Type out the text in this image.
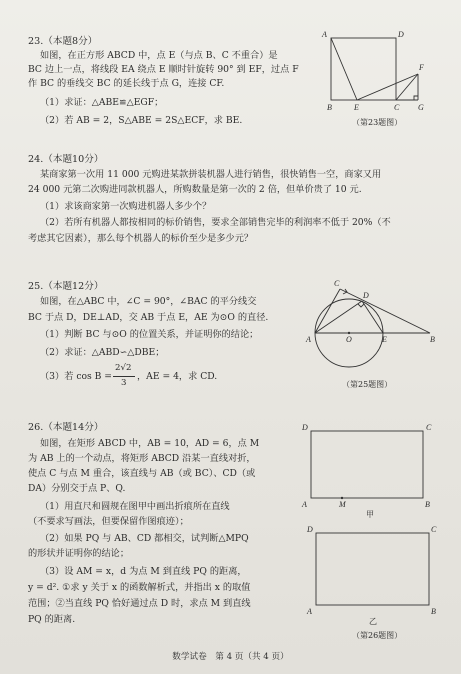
23.（本题8分）
如图，在正方形 ABCD 中，点 E（与点 B、C 不重合）是
BC 边上一点，将线段 EA 绕点 E 顺时针旋转 90° 到 EF，过点 F
作 BC 的垂线交 BC 的延长线于点 G，连接 CF.
（1）求证：△ABE≌△EGF；
（2）若 AB = 2，S△ABE = 2S△ECF，求 BE.
A	D
F
B	E	C G
（第23题图）
24.（本题10分）
某商家第一次用 11 000 元购进某款拼装机器人进行销售，很快销售一空，商家又用
24 000 元第二次购进同款机器人，所购数量是第一次的 2 倍，但单价贵了 10 元.
（1）求该商家第一次购进机器人多少个？
（2）若所有机器人都按相同的标价销售，要求全部销售完毕的利润率不低于 20%（不
考虑其它因素），那么每个机器人的标价至少是多少元？
25.（本题12分）
如图，在△ABC 中，∠C = 90°，∠BAC 的平分线交
BC 于点 D，DE⊥AD，交 AB 于点 E，AE 为⊙O 的直径.
（1）判断 BC 与⊙O 的位置关系，并证明你的结论；
（2）求证：△ABD∽△DBE；
（3）若 cos B =
2√2
3
，AE = 4，求 CD.
C
D
A	O	E	B
（第25题图）
26.（本题14分）
如图，在矩形 ABCD 中，AB = 10，AD = 6，点 M
为 AB 上的一个动点，将矩形 ABCD 沿某一直线对折，
使点 C 与点 M 重合，该直线与 AB（或 BC）、CD（或
DA）分别交于点 P、Q.
（1）用直尺和圆规在图甲中画出折痕所在直线
（不要求写画法，但要保留作图痕迹）；
（2）如果 PQ 与 AB、CD 都相交，试判断△MPQ
的形状并证明你的结论；
（3）设 AM = x，d 为点 M 到直线 PQ 的距离，
y = d². ①求 y 关于 x 的函数解析式，并指出 x 的取值
范围；②当直线 PQ 恰好通过点 D 时，求点 M 到直线
PQ 的距离.
D	C
A	M	B
甲
D	C
A	B
乙
（第26题图）
数学试卷　第 4 页（共 4 页）
